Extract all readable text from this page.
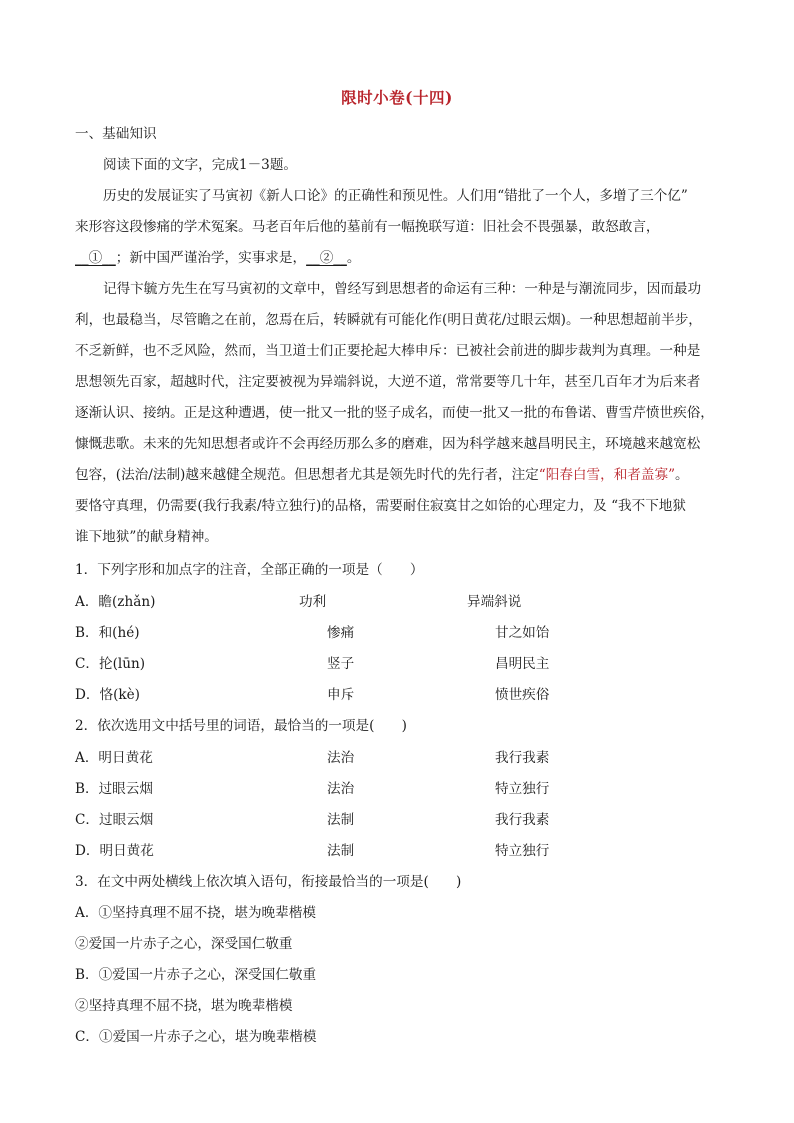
限时小卷(十四)
一、基础知识
阅读下面的文字，完成1－3题。
历史的发展证实了马寅初《新人口论》的正确性和预见性。人们用“错批了一个人，多增了三个亿”
来形容这段惨痛的学术冤案。马老百年后他的墓前有一幅挽联写道：旧社会不畏强暴，敢怒敢言，
__①__；新中国严谨治学，实事求是，__②__。
记得卞毓方先生在写马寅初的文章中，曾经写到思想者的命运有三种：一种是与潮流同步，因而最功
利，也最稳当，尽管瞻之在前，忽焉在后，转瞬就有可能化作(明日黄花/过眼云烟)。一种思想超前半步，
不乏新鲜，也不乏风险，然而，当卫道士们正要抡起大棒申斥：已被社会前进的脚步裁判为真理。一种是
思想领先百家，超越时代，注定要被视为异端斜说，大逆不道，常常要等几十年，甚至几百年才为后来者
逐渐认识、接纳。正是这种遭遇，使一批又一批的竖子成名，而使一批又一批的布鲁诺、曹雪芹愤世疾俗，
慷慨悲歌。未来的先知思想者或许不会再经历那么多的磨难，因为科学越来越昌明民主，环境越来越宽松
包容，(法治/法制)越来越健全规范。但思想者尤其是领先时代的先行者，注定“阳春白雪，和者盖寡”。
要恪守真理，仍需要(我行我素/特立独行)的品格，需要耐住寂寞甘之如饴的心理定力，及 “我不下地狱
谁下地狱”的献身精神。
1．下列字形和加点字的注音，全部正确的一项是（　　）
A．瞻(zhǎn)	功利	异端斜说
B．和(hé)	惨痛	甘之如饴
C．抡(lūn)	竖子	昌明民主
D．恪(kè)	申斥	愤世疾俗
2．依次选用文中括号里的词语，最恰当的一项是(　　)
A．明日黄花	法治	我行我素
B．过眼云烟	法治	特立独行
C．过眼云烟	法制	我行我素
D．明日黄花	法制	特立独行
3．在文中两处横线上依次填入语句，衔接最恰当的一项是(　　)
A．①坚持真理不屈不挠，堪为晚辈楷模
②爱国一片赤子之心，深受国仁敬重
B．①爱国一片赤子之心，深受国仁敬重
②坚持真理不屈不挠，堪为晚辈楷模
C．①爱国一片赤子之心，堪为晚辈楷模
